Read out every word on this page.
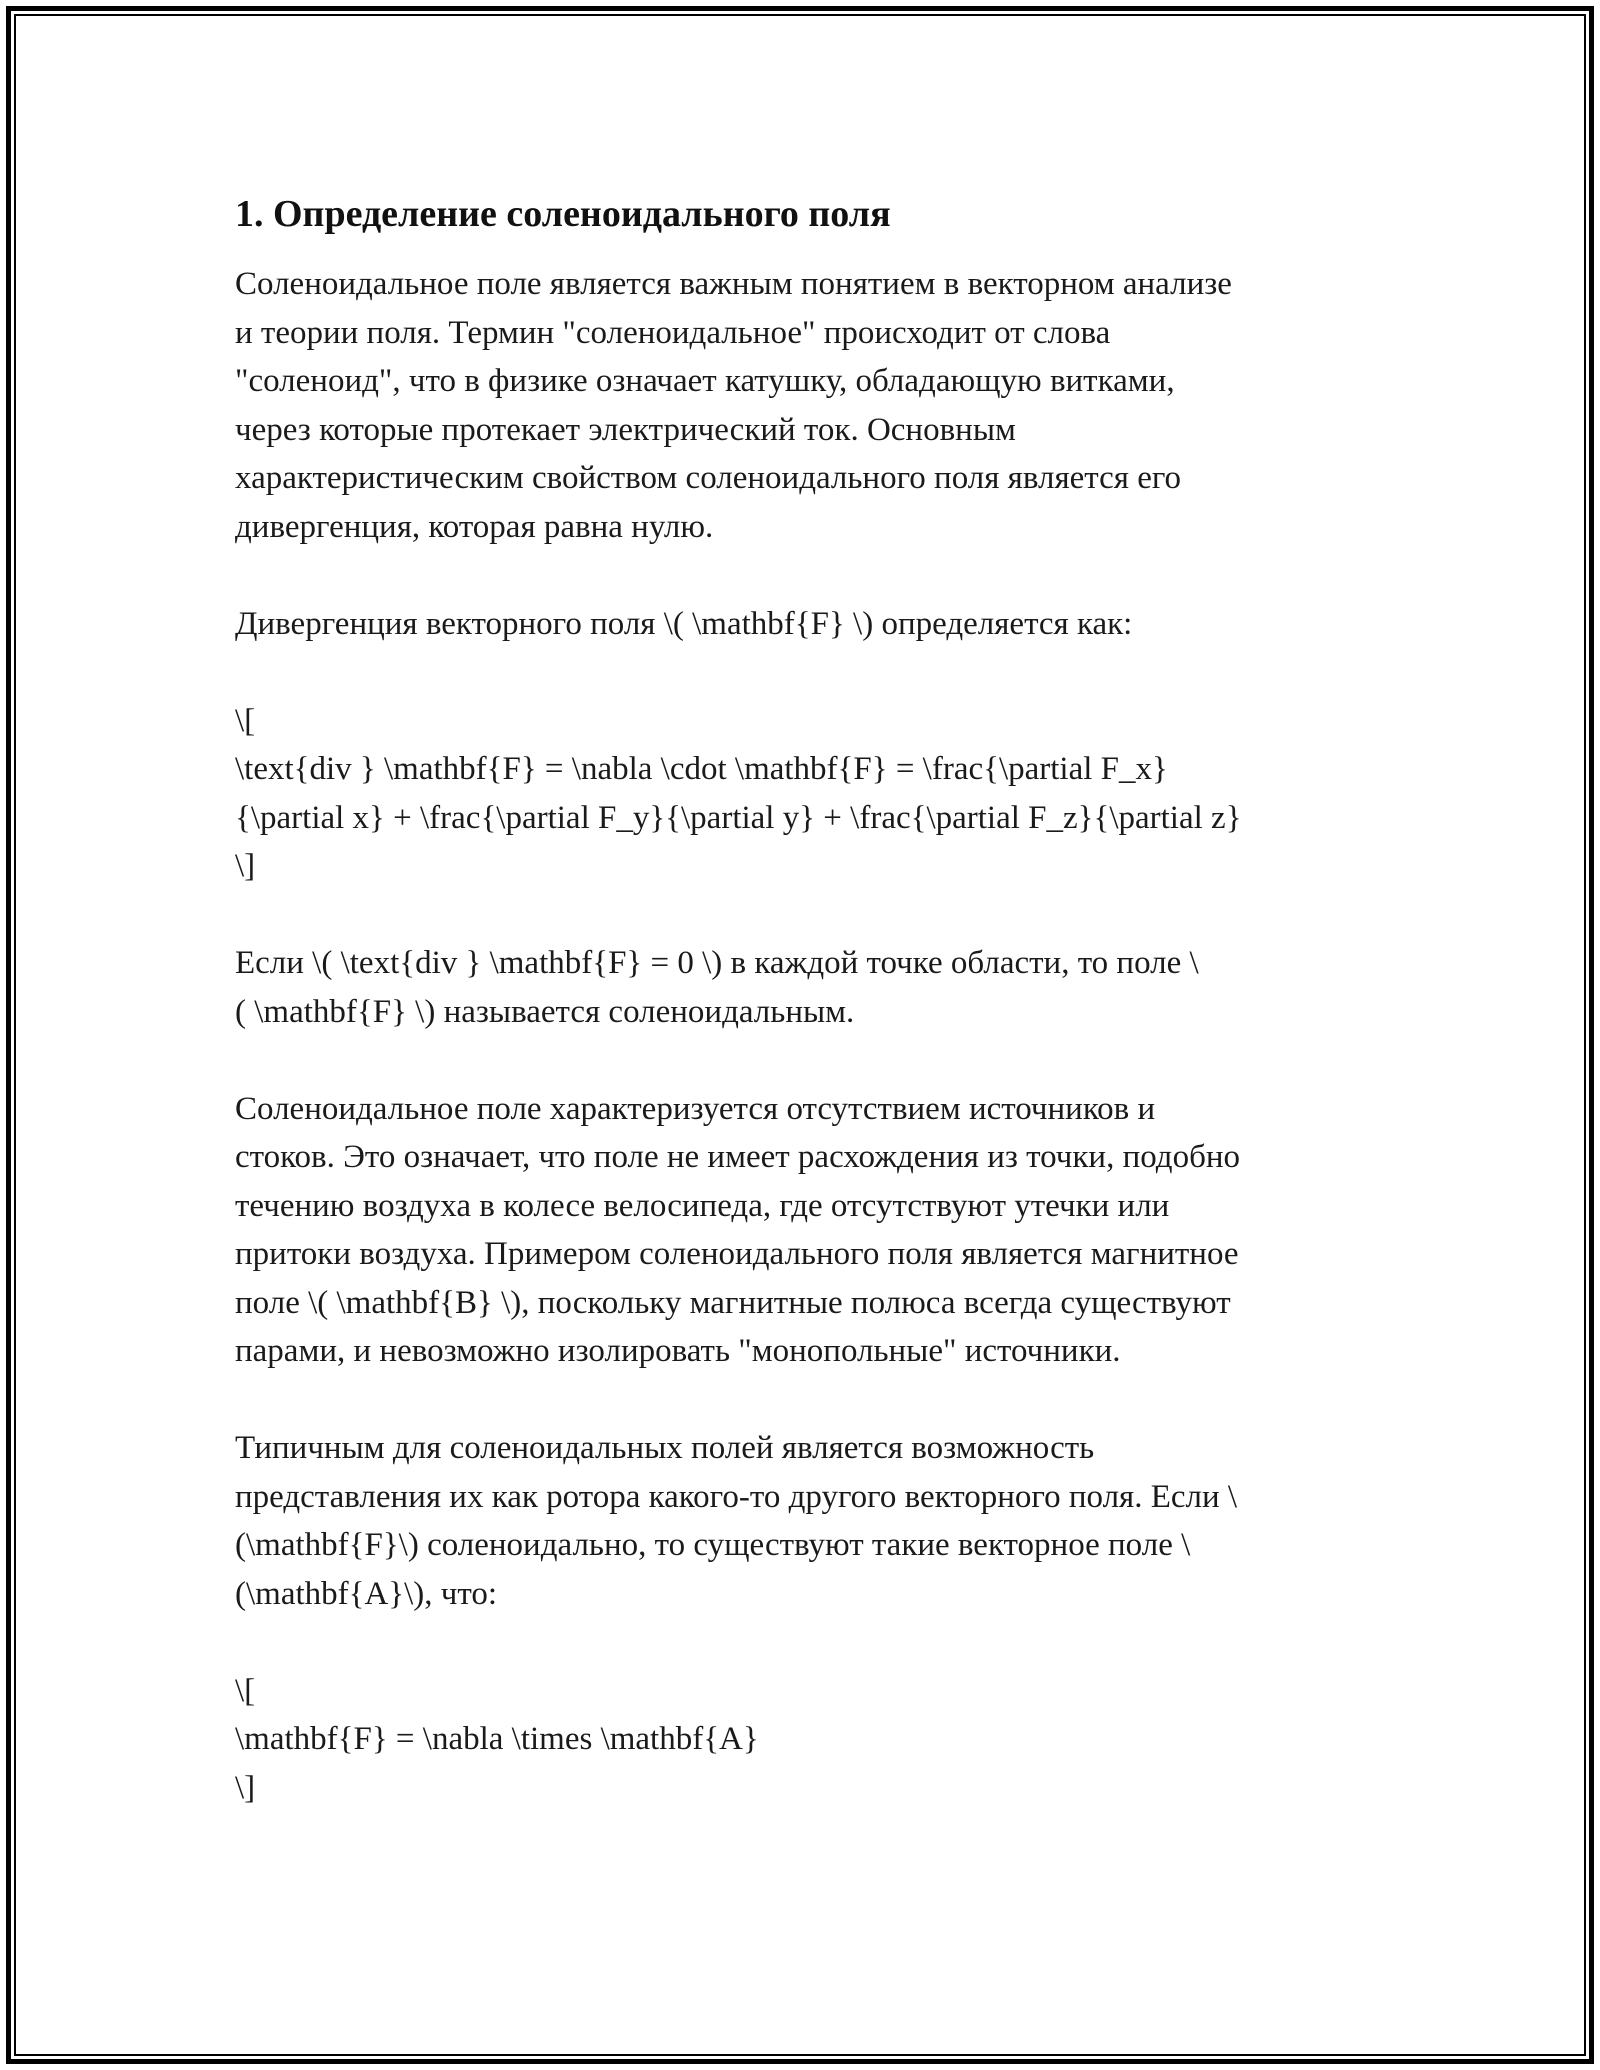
1. Определение соленоидального поля
Соленоидальное поле является важным понятием в векторном анализе
и теории поля. Термин "соленоидальное" происходит от слова
"соленоид", что в физике означает катушку, обладающую витками,
через которые протекает электрический ток. Основным
характеристическим свойством соленоидального поля является его
дивергенция, которая равна нулю.
Дивергенция векторного поля \( \mathbf{F} \) определяется как:
\[
\text{div } \mathbf{F} = \nabla \cdot \mathbf{F} = \frac{\partial F_x}
{\partial x} + \frac{\partial F_y}{\partial y} + \frac{\partial F_z}{\partial z}
\]
Если \( \text{div } \mathbf{F} = 0 \) в каждой точке области, то поле \
( \mathbf{F} \) называется соленоидальным.
Соленоидальное поле характеризуется отсутствием источников и
стоков. Это означает, что поле не имеет расхождения из точки, подобно
течению воздуха в колесе велосипеда, где отсутствуют утечки или
притоки воздуха. Примером соленоидального поля является магнитное
поле \( \mathbf{B} \), поскольку магнитные полюса всегда существуют
парами, и невозможно изолировать "монопольные" источники.
Типичным для соленоидальных полей является возможность
представления их как ротора какого-то другого векторного поля. Если \
(\mathbf{F}\) соленоидально, то существуют такие векторное поле \
(\mathbf{A}\), что:
\[
\mathbf{F} = \nabla \times \mathbf{A}
\]
